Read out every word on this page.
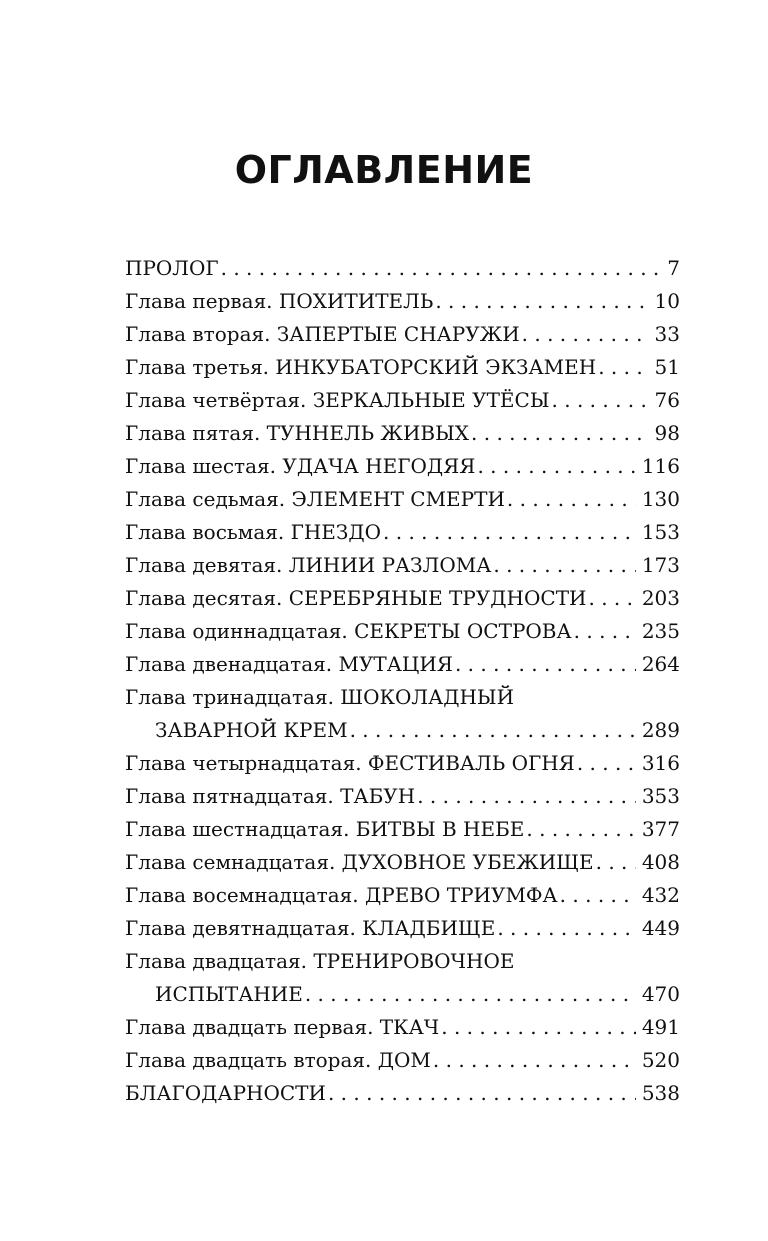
ОГЛАВЛЕНИЕ
ПРОЛОГ . . .	7
Глава первая. ПОХИТИТЕЛЬ . . .	10
Глава вторая. ЗАПЕРТЫЕ СНАРУЖИ . . .	33
Глава третья. ИНКУБАТОРСКИЙ ЭКЗАМЕН . . .	51
Глава четвёртая. ЗЕРКАЛЬНЫЕ УТЁСЫ . . .	76
Глава пятая. ТУННЕЛЬ ЖИВЫХ . . .	98
Глава шестая. УДАЧА НЕГОДЯЯ . . .	116
Глава седьмая. ЭЛЕМЕНТ СМЕРТИ . . .	130
Глава восьмая. ГНЕЗДО . . .	153
Глава девятая. ЛИНИИ РАЗЛОМА . . .	173
Глава десятая. СЕРЕБРЯНЫЕ ТРУДНОСТИ . . .	203
Глава одиннадцатая. СЕКРЕТЫ ОСТРОВА . . .	235
Глава двенадцатая. МУТАЦИЯ . . .	264
Глава тринадцатая. ШОКОЛАДНЫЙ
ЗАВАРНОЙ КРЕМ . . .	289
Глава четырнадцатая. ФЕСТИВАЛЬ ОГНЯ . . .	316
Глава пятнадцатая. ТАБУН . . .	353
Глава шестнадцатая. БИТВЫ В НЕБЕ . . .	377
Глава семнадцатая. ДУХОВНОЕ УБЕЖИЩЕ . . . 408
Глава восемнадцатая. ДРЕВО ТРИУМФА . . .	432
Глава девятнадцатая. КЛАДБИЩЕ . . .	449
Глава двадцатая. ТРЕНИРОВОЧНОЕ
ИСПЫТАНИЕ . . .	470
Глава двадцать первая. ТКАЧ . . .	491
Глава двадцать вторая. ДОМ . . .	520
БЛАГОДАРНОСТИ . . .	538
